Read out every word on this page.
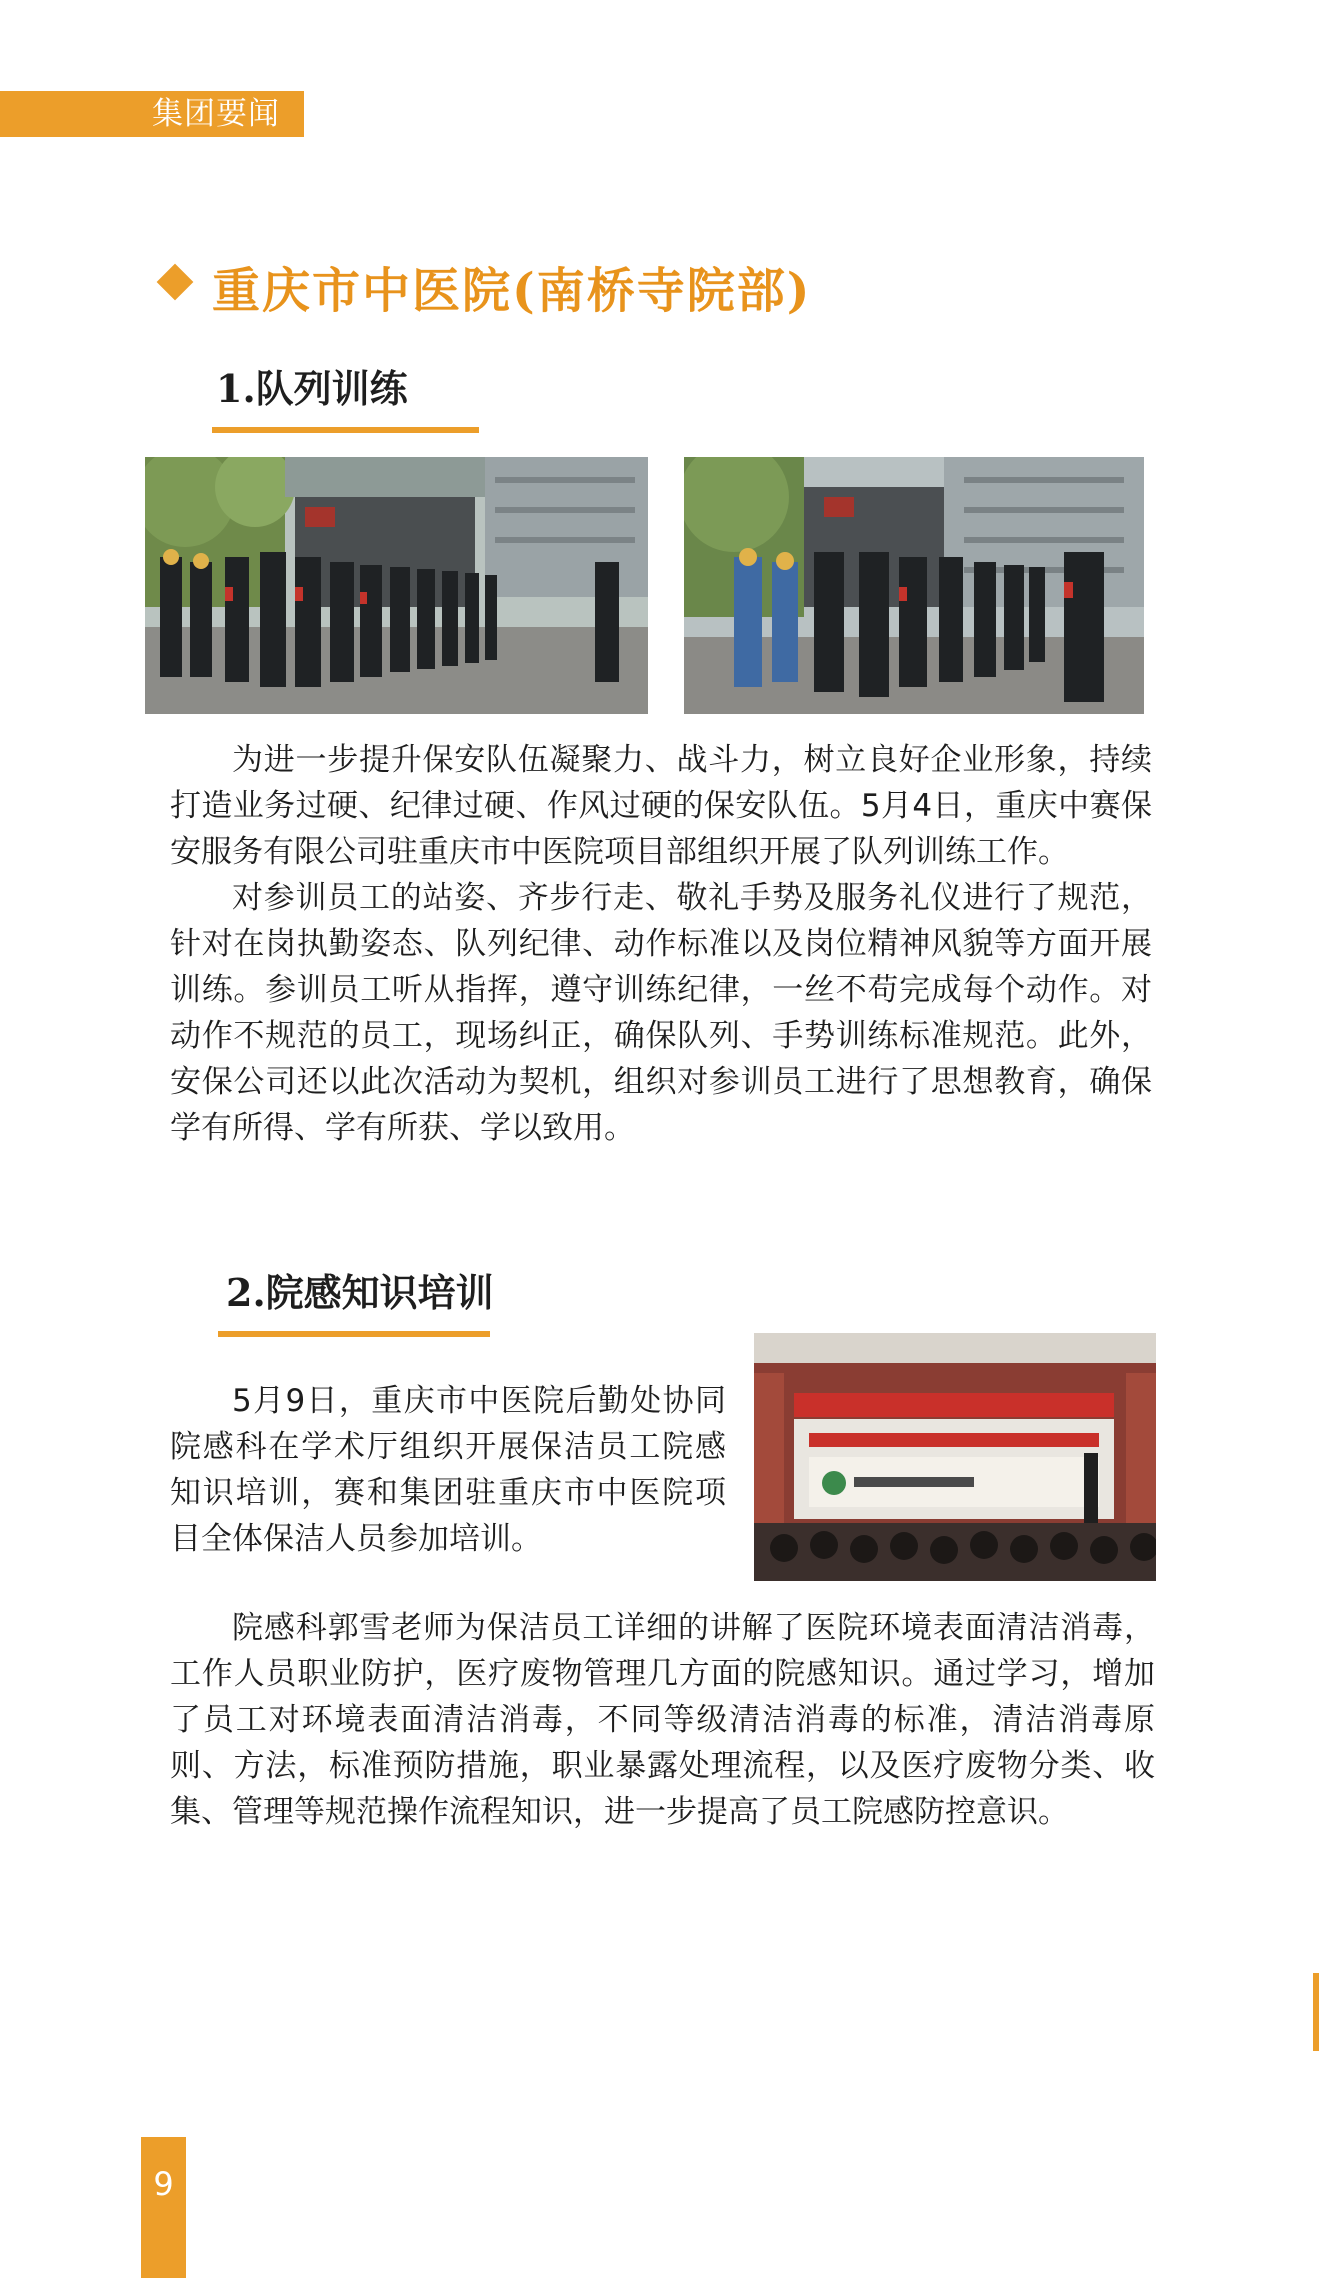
集团要闻
重庆市中医院(南桥寺院部)
1.队列训练

为进一步提升保安队伍凝聚力、战斗力，树立良好企业形象，持续打造业务过硬、纪律过硬、作风过硬的保安队伍。5月4日，重庆中赛保安服务有限公司驻重庆市中医院项目部组织开展了队列训练工作。

对参训员工的站姿、齐步行走、敬礼手势及服务礼仪进行了规范，针对在岗执勤姿态、队列纪律、动作标准以及岗位精神风貌等方面开展训练。参训员工听从指挥，遵守训练纪律，一丝不苟完成每个动作。对动作不规范的员工，现场纠正，确保队列、手势训练标准规范。此外，安保公司还以此次活动为契机，组织对参训员工进行了思想教育，确保学有所得、学有所获、学以致用。

2.院感知识培训

5月9日，重庆市中医院后勤处协同院感科在学术厅组织开展保洁员工院感知识培训，赛和集团驻重庆市中医院项目全体保洁人员参加培训。

院感科郭雪老师为保洁员工详细的讲解了医院环境表面清洁消毒，工作人员职业防护，医疗废物管理几方面的院感知识。通过学习，增加了员工对环境表面清洁消毒，不同等级清洁消毒的标准，清洁消毒原则、方法，标准预防措施，职业暴露处理流程，以及医疗废物分类、收集、管理等规范操作流程知识，进一步提高了员工院感防控意识。

9
